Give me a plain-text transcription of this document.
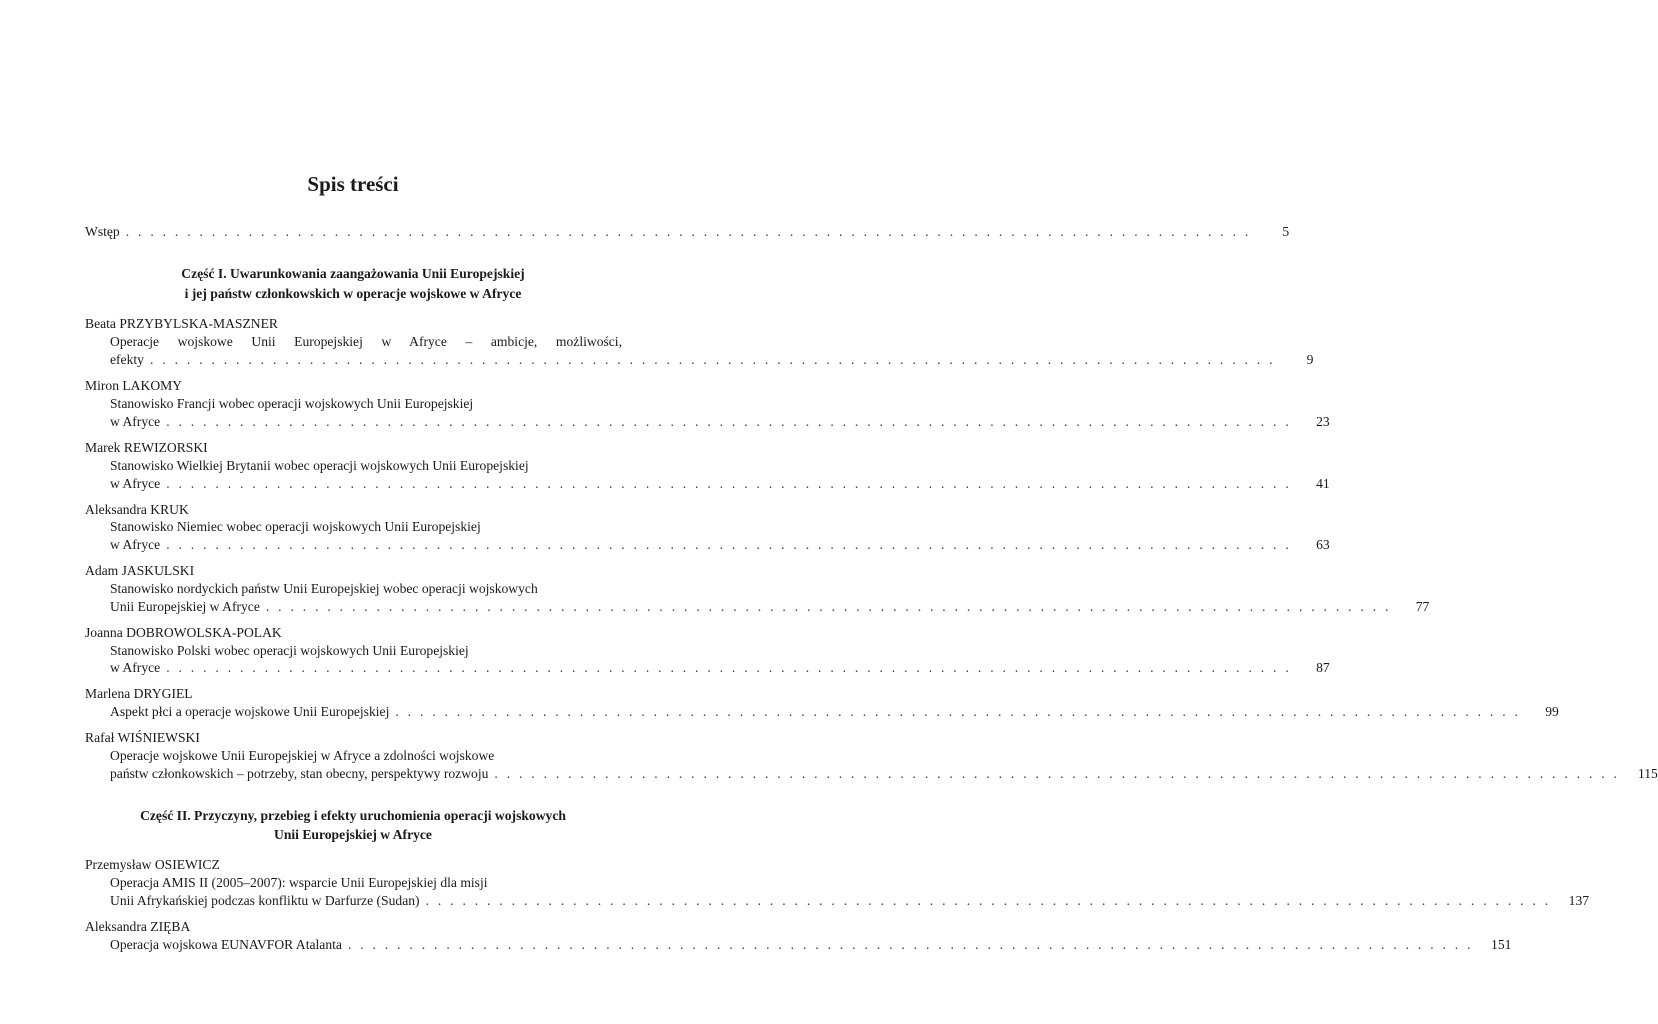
Spis treści
Wstęp ............................................................................................	5
Część I. Uwarunkowania zaangażowania Unii Europejskiej
i jej państw członkowskich w operacje wojskowe w Afryce
Beata PRZYBYLSKA-MASZNER
Operacje wojskowe Unii Europejskiej w Afryce – ambicje, możliwości,
efekty ............................................................................................	9
Miron LAKOMY
Stanowisko Francji wobec operacji wojskowych Unii Europejskiej
w Afryce ............................................................................................	23
Marek REWIZORSKI
Stanowisko Wielkiej Brytanii wobec operacji wojskowych Unii Europejskiej
w Afryce ............................................................................................	41
Aleksandra KRUK
Stanowisko Niemiec wobec operacji wojskowych Unii Europejskiej
w Afryce ............................................................................................	63
Adam JASKULSKI
Stanowisko nordyckich państw Unii Europejskiej wobec operacji wojskowych
Unii Europejskiej w Afryce ............................................................................................	77
Joanna DOBROWOLSKA-POLAK
Stanowisko Polski wobec operacji wojskowych Unii Europejskiej
w Afryce ............................................................................................	87
Marlena DRYGIEL
Aspekt płci a operacje wojskowe Unii Europejskiej ............................................................................................	99
Rafał WIŚNIEWSKI
Operacje wojskowe Unii Europejskiej w Afryce a zdolności wojskowe
państw członkowskich – potrzeby, stan obecny, perspektywy rozwoju ............................................................................................ 115
Część II. Przyczyny, przebieg i efekty uruchomienia operacji wojskowych
Unii Europejskiej w Afryce
Przemysław OSIEWICZ
Operacja AMIS II (2005–2007): wsparcie Unii Europejskiej dla misji
Unii Afrykańskiej podczas konfliktu w Darfurze (Sudan) ............................................................................................ 137
Aleksandra ZIĘBA
Operacja wojskowa EUNAVFOR Atalanta ............................................................................................ 151
